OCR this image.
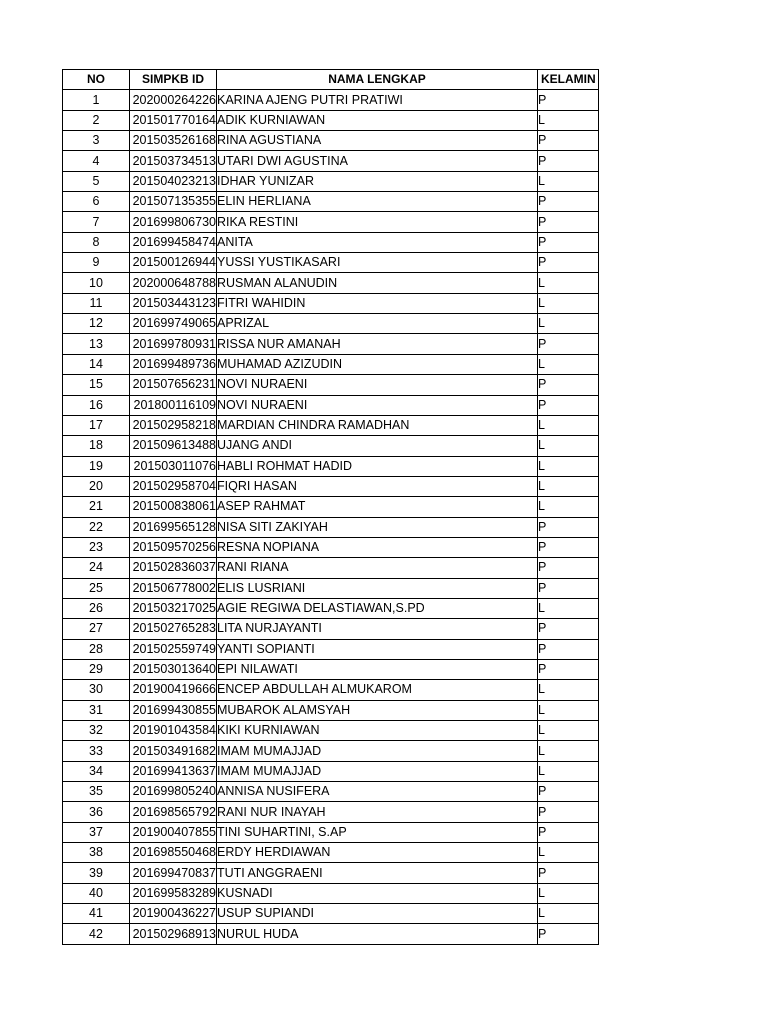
NO	SIMPKB ID	NAMA LENGKAP	KELAMIN
1	202000264226	KARINA AJENG PUTRI PRATIWI	P
2	201501770164	ADIK KURNIAWAN	L
3	201503526168	RINA AGUSTIANA	P
4	201503734513	UTARI DWI AGUSTINA	P
5	201504023213	IDHAR YUNIZAR	L
6	201507135355	ELIN HERLIANA	P
7	201699806730	RIKA RESTINI	P
8	201699458474	ANITA	P
9	201500126944	YUSSI YUSTIKASARI	P
10	202000648788	RUSMAN ALANUDIN	L
11	201503443123	FITRI WAHIDIN	L
12	201699749065	APRIZAL	L
13	201699780931	RISSA NUR AMANAH	P
14	201699489736	MUHAMAD AZIZUDIN	L
15	201507656231	NOVI NURAENI	P
16	201800116109	NOVI NURAENI	P
17	201502958218	MARDIAN CHINDRA RAMADHAN	L
18	201509613488	UJANG ANDI	L
19	201503011076	HABLI ROHMAT HADID	L
20	201502958704	FIQRI HASAN	L
21	201500838061	ASEP RAHMAT	L
22	201699565128	NISA SITI ZAKIYAH	P
23	201509570256	RESNA NOPIANA	P
24	201502836037	RANI RIANA	P
25	201506778002	ELIS LUSRIANI	P
26	201503217025	AGIE REGIWA DELASTIAWAN,S.PD	L
27	201502765283	LITA NURJAYANTI	P
28	201502559749	YANTI SOPIANTI	P
29	201503013640	EPI NILAWATI	P
30	201900419666	ENCEP ABDULLAH ALMUKAROM	L
31	201699430855	MUBAROK ALAMSYAH	L
32	201901043584	KIKI KURNIAWAN	L
33	201503491682	IMAM MUMAJJAD	L
34	201699413637	IMAM MUMAJJAD	L
35	201699805240	ANNISA NUSIFERA	P
36	201698565792	RANI NUR INAYAH	P
37	201900407855	TINI SUHARTINI, S.AP	P
38	201698550468	ERDY HERDIAWAN	L
39	201699470837	TUTI ANGGRAENI	P
40	201699583289	KUSNADI	L
41	201900436227	USUP SUPIANDI	L
42	201502968913	NURUL HUDA	P
